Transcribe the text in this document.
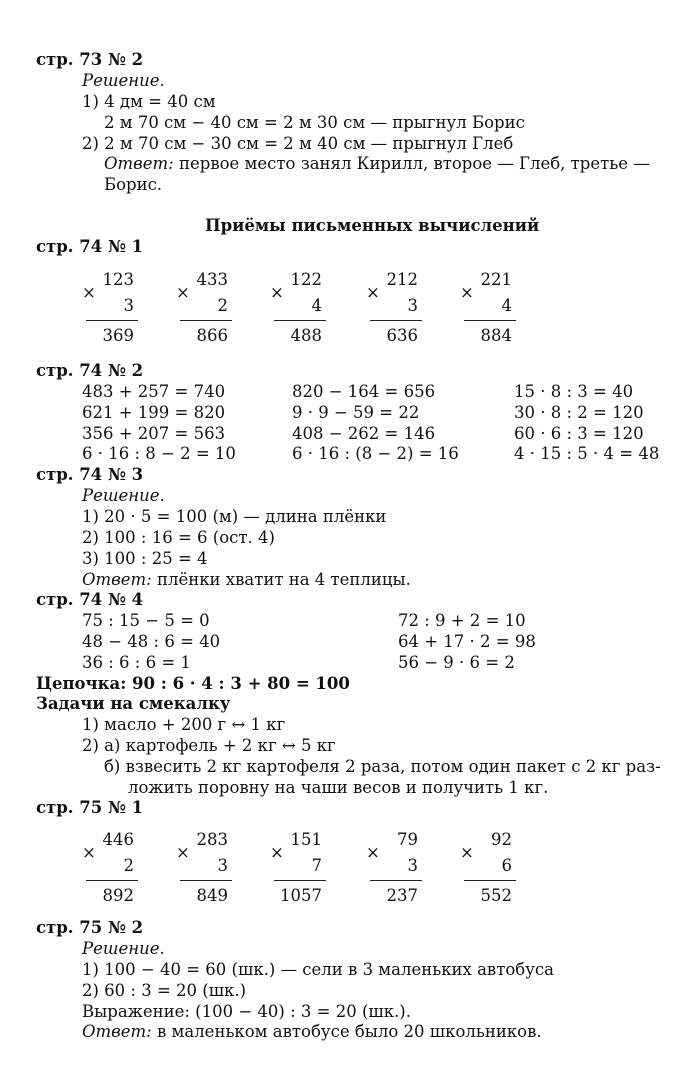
стр. 73 № 2
Решение.
1) 4 дм = 40 см
2 м 70 см − 40 см = 2 м 30 см — прыгнул Борис
2) 2 м 70 см − 30 см = 2 м 40 см — прыгнул Глеб
Ответ: первое место занял Кирилл, второе — Глеб, третье —
Борис.
Приёмы письменных вычислений
стр. 74 № 1
×
123
3
369
×
433
2
866
×
122
4
488
×
212
3
636
×
221
4
884
стр. 74 № 2
483 + 257 = 740
621 + 199 = 820
356 + 207 = 563
6 · 16 : 8 − 2 = 10
820 − 164 = 656
9 · 9 − 59 = 22
408 − 262 = 146
6 · 16 : (8 − 2) = 16
15 · 8 : 3 = 40
30 · 8 : 2 = 120
60 · 6 : 3 = 120
4 · 15 : 5 · 4 = 48
стр. 74 № 3
Решение.
1) 20 · 5 = 100 (м) — длина плёнки
2) 100 : 16 = 6 (ост. 4)
3) 100 : 25 = 4
Ответ: плёнки хватит на 4 теплицы.
стр. 74 № 4
75 : 15 − 5 = 0
48 − 48 : 6 = 40
36 : 6 : 6 = 1
72 : 9 + 2 = 10
64 + 17 · 2 = 98
56 − 9 · 6 = 2
Цепочка: 90 : 6 · 4 : 3 + 80 = 100
Задачи на смекалку
1) масло + 200 г ↔ 1 кг
2) а) картофель + 2 кг ↔ 5 кг
б) взвесить 2 кг картофеля 2 раза, потом один пакет с 2 кг раз-
ложить поровну на чаши весов и получить 1 кг.
стр. 75 № 1
×
446
2
892
×
283
3
849
×
151
7
1057
×
79
3
237
×
92
6
552
стр. 75 № 2
Решение.
1) 100 − 40 = 60 (шк.) — сели в 3 маленьких автобуса
2) 60 : 3 = 20 (шк.)
Выражение: (100 − 40) : 3 = 20 (шк.).
Ответ: в маленьком автобусе было 20 школьников.
